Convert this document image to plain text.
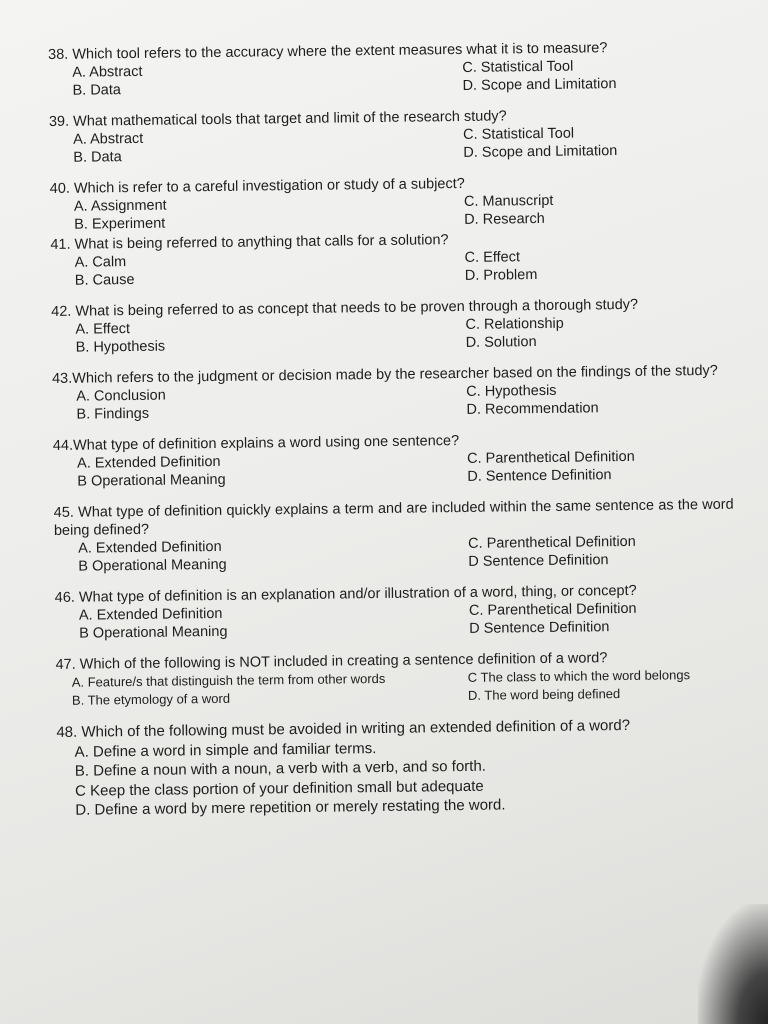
38. Which tool refers to the accuracy where the extent measures what it is to measure?

A. Abstract	C. Statistical Tool

B. Data	D. Scope and Limitation

39. What mathematical tools that target and limit of the research study?

A. Abstract	C. Statistical Tool

B. Data	D. Scope and Limitation

40. Which is refer to a careful investigation or study of a subject?

A. Assignment	C. Manuscript

B. Experiment	D. Research

41. What is being referred to anything that calls for a solution?

A. Calm	C. Effect

B. Cause	D. Problem

42. What is being referred to as concept that needs to be proven through a thorough study?

A. Effect	C. Relationship

B. Hypothesis	D. Solution

43.Which refers to the judgment or decision made by the researcher based on the findings of the study?

A. Conclusion	C. Hypothesis

B. Findings	D. Recommendation

44.What type of definition explains a word using one sentence?

A. Extended Definition	C. Parenthetical Definition

B Operational Meaning	D. Sentence Definition

45. What type of definition quickly explains a term and are included within the same sentence as the word being defined?

A. Extended Definition	C. Parenthetical Definition

B Operational Meaning	D Sentence Definition

46. What type of definition is an explanation and/or illustration of a word, thing, or concept?

A. Extended Definition	C. Parenthetical Definition

B Operational Meaning	D Sentence Definition

47. Which of the following is NOT included in creating a sentence definition of a word?

A. Feature/s that distinguish the term from other words	C The class to which the word belongs

B. The etymology of a word	D. The word being defined

48. Which of the following must be avoided in writing an extended definition of a word?

A. Define a word in simple and familiar terms.

B. Define a noun with a noun, a verb with a verb, and so forth.

C Keep the class portion of your definition small but adequate

D. Define a word by mere repetition or merely restating the word.
